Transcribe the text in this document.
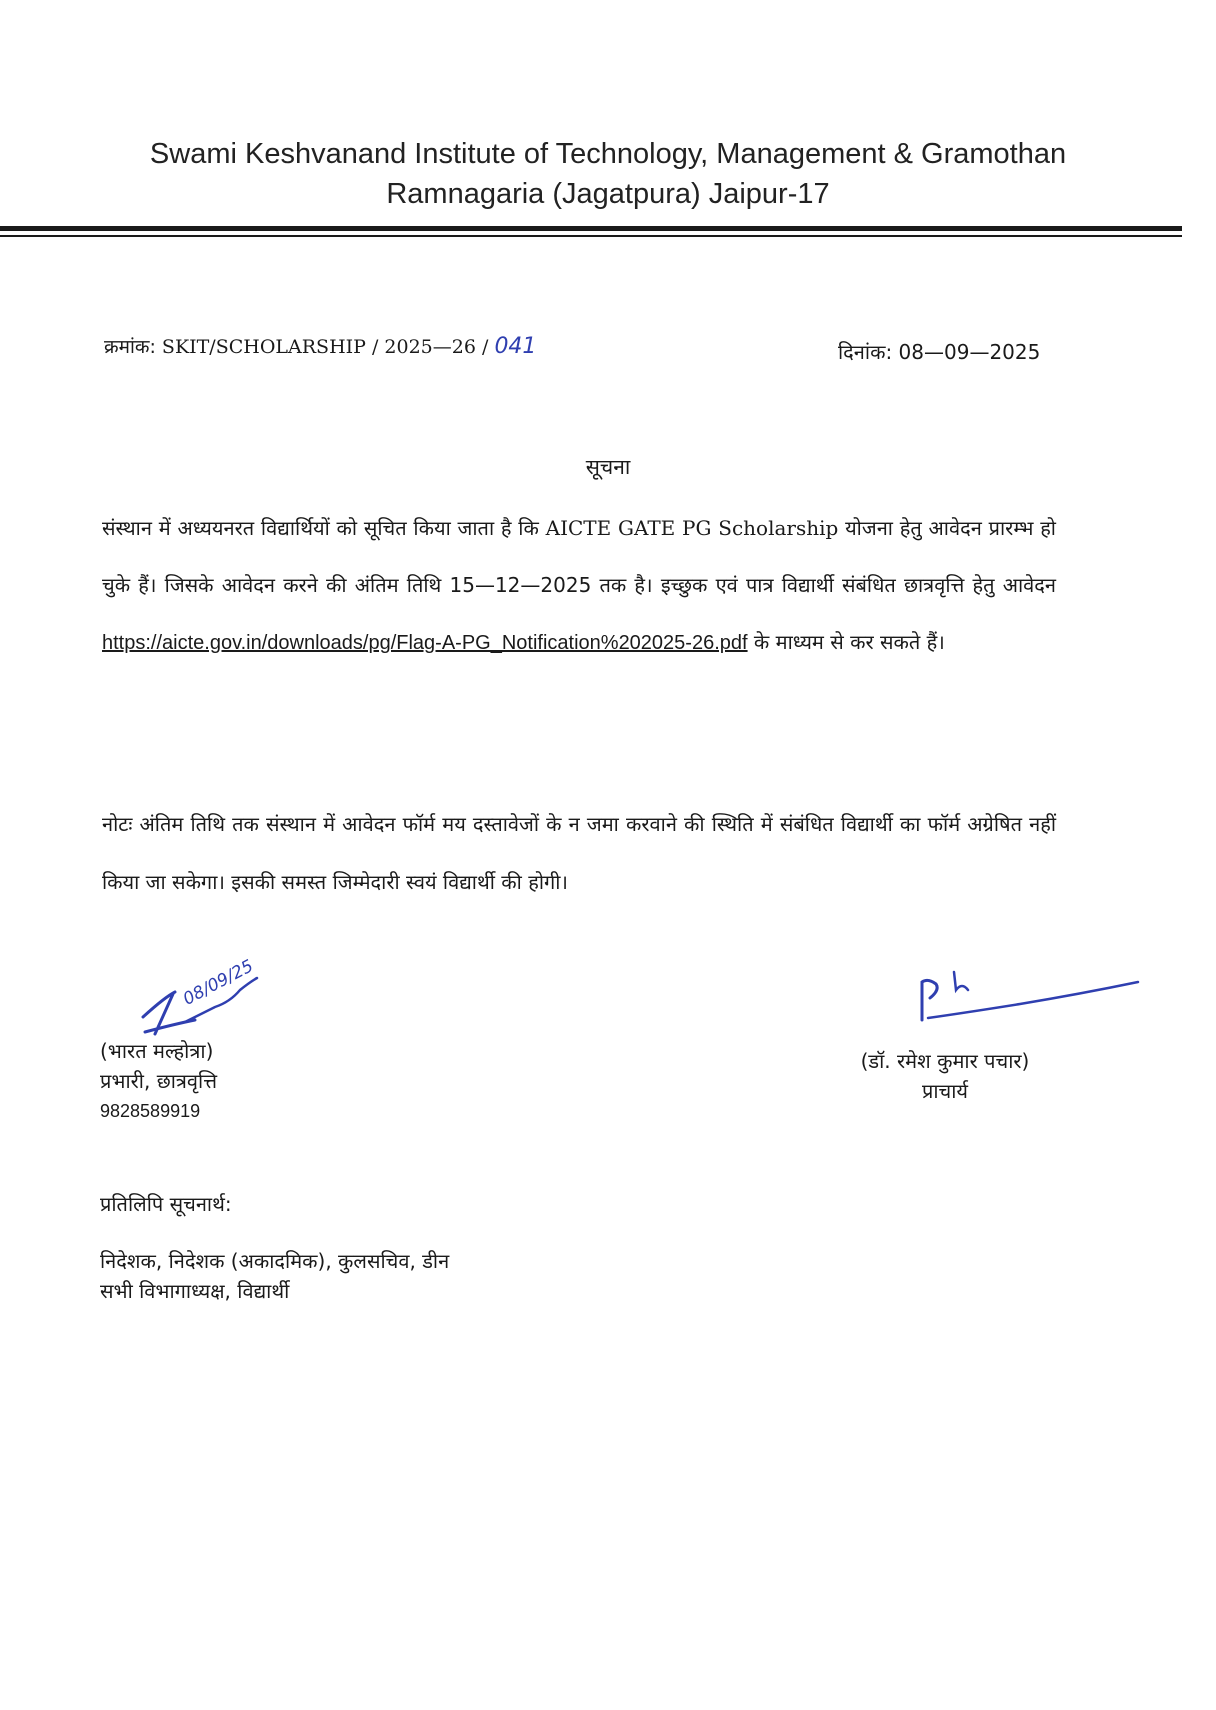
Swami Keshvanand Institute of Technology, Management & Gramothan
Ramnagaria (Jagatpura) Jaipur-17
क्रमांक: SKIT/SCHOLARSHIP / 2025—26 / 041	दिनांक: 08—09—2025
सूचना
संस्थान में अध्ययनरत विद्यार्थियों को सूचित किया जाता है कि AICTE GATE PG Scholarship योजना हेतु आवेदन प्रारम्भ हो चुके हैं। जिसके आवेदन करने की अंतिम तिथि 15—12—2025 तक है। इच्छुक एवं पात्र विद्यार्थी संबंधित छात्रवृत्ति हेतु आवेदन https://aicte.gov.in/downloads/pg/Flag-A-PG_Notification%202025-26.pdf के माध्यम से कर सकते हैं।
नोटः अंतिम तिथि तक संस्थान में आवेदन फॉर्म मय दस्तावेजों के न जमा करवाने की स्थिति में संबंधित विद्यार्थी का फॉर्म अग्रेषित नहीं किया जा सकेगा। इसकी समस्त जिम्मेदारी स्वयं विद्यार्थी की होगी।
08/09/25
(भारत मल्होत्रा)
प्रभारी, छात्रवृत्ति
9828589919
(डॉ. रमेश कुमार पचार)
प्राचार्य
प्रतिलिपि सूचनार्थ:
निदेशक, निदेशक (अकादमिक), कुलसचिव, डीन
सभी विभागाध्यक्ष, विद्यार्थी
